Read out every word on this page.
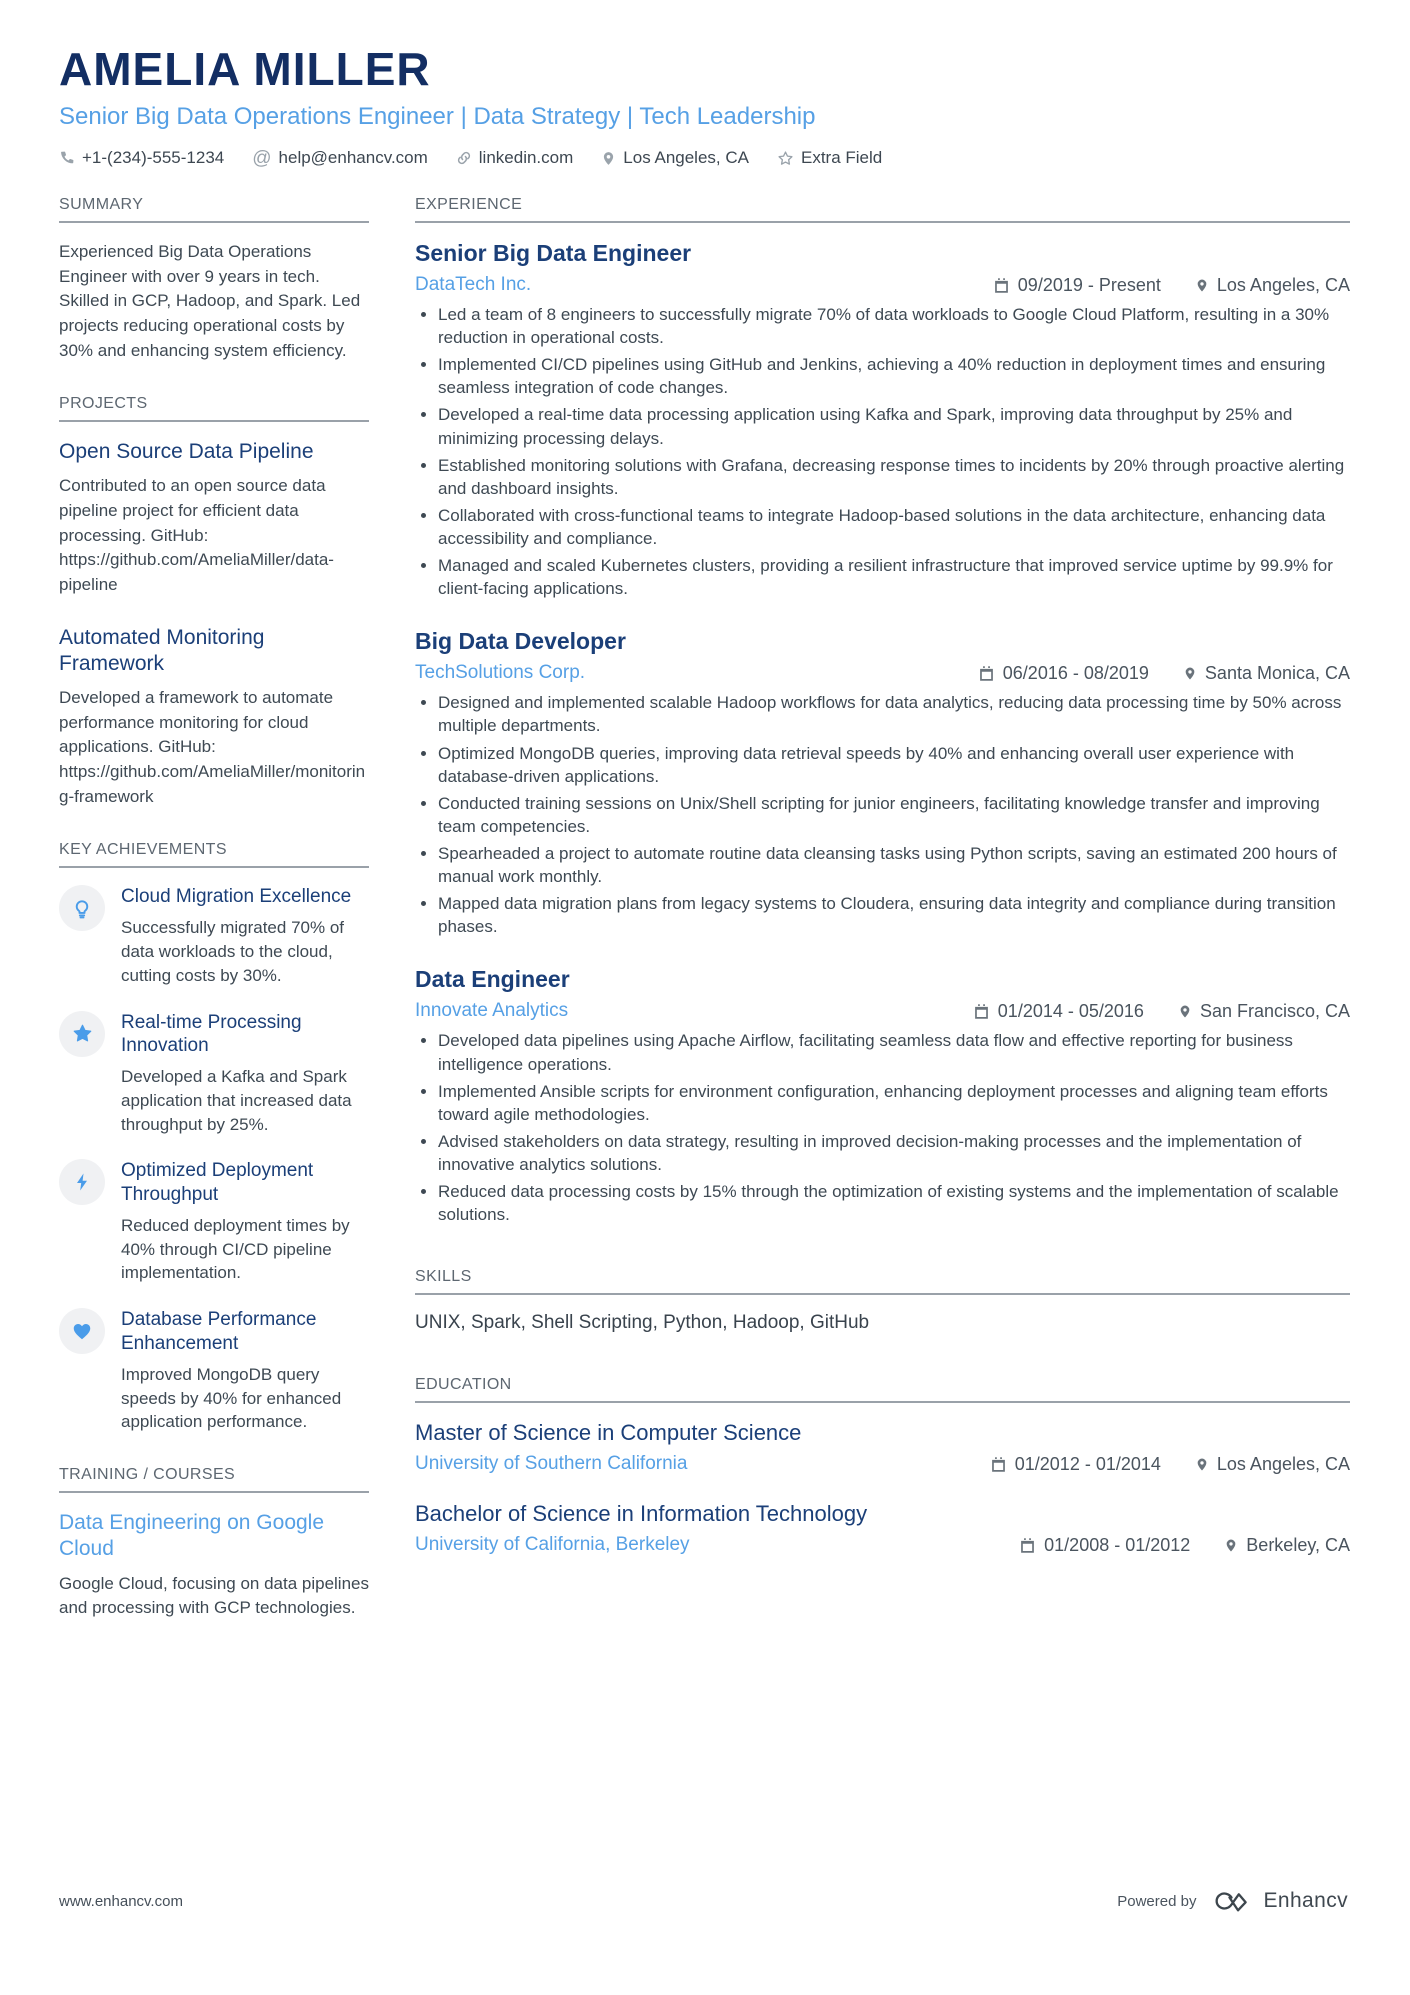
AMELIA MILLER
Senior Big Data Operations Engineer | Data Strategy | Tech Leadership
+1-(234)-555-1234 @ help@enhancv.com	linkedin.com	Los Angeles, CA	Extra Field
SUMMARY
Experienced Big Data Operations Engineer with over 9 years in tech. Skilled in GCP, Hadoop, and Spark. Led projects reducing operational costs by 30% and enhancing system efficiency.
PROJECTS
Open Source Data Pipeline
Contributed to an open source data pipeline project for efficient data processing. GitHub: https://github.com/AmeliaMiller/data-pipeline
Automated Monitoring Framework
Developed a framework to automate performance monitoring for cloud applications. GitHub: https://github.com/AmeliaMiller/monitoring-framework
KEY ACHIEVEMENTS
Cloud Migration Excellence
Successfully migrated 70% of data workloads to the cloud, cutting costs by 30%.
Real-time Processing Innovation
Developed a Kafka and Spark application that increased data throughput by 25%.
Optimized Deployment Throughput
Reduced deployment times by 40% through CI/CD pipeline implementation.
Database Performance Enhancement
Improved MongoDB query speeds by 40% for enhanced application performance.
TRAINING / COURSES
Data Engineering on Google Cloud
Google Cloud, focusing on data pipelines and processing with GCP technologies.
EXPERIENCE
Senior Big Data Engineer
DataTech Inc.	09/2019 - Present	Los Angeles, CA
• Led a team of 8 engineers to successfully migrate 70% of data workloads to Google Cloud Platform, resulting in a 30% reduction in operational costs.
• Implemented CI/CD pipelines using GitHub and Jenkins, achieving a 40% reduction in deployment times and ensuring seamless integration of code changes.
• Developed a real-time data processing application using Kafka and Spark, improving data throughput by 25% and minimizing processing delays.
• Established monitoring solutions with Grafana, decreasing response times to incidents by 20% through proactive alerting and dashboard insights.
• Collaborated with cross-functional teams to integrate Hadoop-based solutions in the data architecture, enhancing data accessibility and compliance.
• Managed and scaled Kubernetes clusters, providing a resilient infrastructure that improved service uptime by 99.9% for client-facing applications.
Big Data Developer
TechSolutions Corp.	06/2016 - 08/2019	Santa Monica, CA
• Designed and implemented scalable Hadoop workflows for data analytics, reducing data processing time by 50% across multiple departments.
• Optimized MongoDB queries, improving data retrieval speeds by 40% and enhancing overall user experience with database-driven applications.
• Conducted training sessions on Unix/Shell scripting for junior engineers, facilitating knowledge transfer and improving team competencies.
• Spearheaded a project to automate routine data cleansing tasks using Python scripts, saving an estimated 200 hours of manual work monthly.
• Mapped data migration plans from legacy systems to Cloudera, ensuring data integrity and compliance during transition phases.
Data Engineer
Innovate Analytics	01/2014 - 05/2016	San Francisco, CA
• Developed data pipelines using Apache Airflow, facilitating seamless data flow and effective reporting for business intelligence operations.
• Implemented Ansible scripts for environment configuration, enhancing deployment processes and aligning team efforts toward agile methodologies.
• Advised stakeholders on data strategy, resulting in improved decision-making processes and the implementation of innovative analytics solutions.
• Reduced data processing costs by 15% through the optimization of existing systems and the implementation of scalable solutions.
SKILLS
UNIX, Spark, Shell Scripting, Python, Hadoop, GitHub
EDUCATION
Master of Science in Computer Science
University of Southern California	01/2012 - 01/2014	Los Angeles, CA
Bachelor of Science in Information Technology
University of California, Berkeley	01/2008 - 01/2012	Berkeley, CA
www.enhancv.com	Powered by	Enhancv
